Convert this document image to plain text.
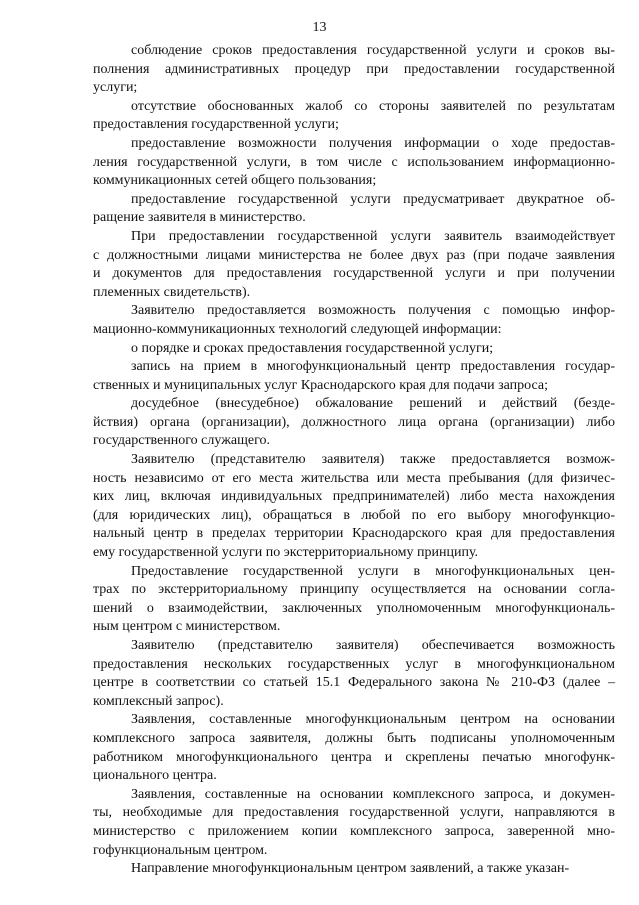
13

соблюдение сроков предоставления государственной услуги и сроков вы-
полнения административных процедур при предоставлении государственной
услуги;

отсутствие обоснованных жалоб со стороны заявителей по результатам
предоставления государственной услуги;

предоставление возможности получения информации о ходе предостав-
ления государственной услуги, в том числе с использованием информационно-
коммуникационных сетей общего пользования;

предоставление государственной услуги предусматривает двукратное об-
ращение заявителя в министерство.

При предоставлении государственной услуги заявитель взаимодействует
с должностными лицами министерства не более двух раз (при подаче заявления
и документов для предоставления государственной услуги и при получении
племенных свидетельств).

Заявителю предоставляется возможность получения с помощью инфор-
мационно-коммуникационных технологий следующей информации:

о порядке и сроках предоставления государственной услуги;

запись на прием в многофункциональный центр предоставления государ-
ственных и муниципальных услуг Краснодарского края для подачи запроса;

досудебное (внесудебное) обжалование решений и действий (безде-
йствия) органа (организации), должностного лица органа (организации) либо
государственного служащего.

Заявителю (представителю заявителя) также предоставляется возмож-
ность независимо от его места жительства или места пребывания (для физичес-
ких лиц, включая индивидуальных предпринимателей) либо места нахождения
(для юридических лиц), обращаться в любой по его выбору многофункцио-
нальный центр в пределах территории Краснодарского края для предоставления
ему государственной услуги по экстерриториальному принципу.

Предоставление государственной услуги в многофункциональных цен-
трах по экстерриториальному принципу осуществляется на основании согла-
шений о взаимодействии, заключенных уполномоченным многофункциональ-
ным центром с министерством.

Заявителю (представителю заявителя) обеспечивается возможность
предоставления нескольких государственных услуг в многофункциональном
центре в соответствии со статьей 15.1 Федерального закона № 210-ФЗ (далее –
комплексный запрос).

Заявления, составленные многофункциональным центром на основании
комплексного запроса заявителя, должны быть подписаны уполномоченным
работником многофункционального центра и скреплены печатью многофунк-
ционального центра.

Заявления, составленные на основании комплексного запроса, и докумен-
ты, необходимые для предоставления государственной услуги, направляются в
министерство с приложением копии комплексного запроса, заверенной мно-
гофункциональным центром.

Направление многофункциональным центром заявлений, а также указан-
